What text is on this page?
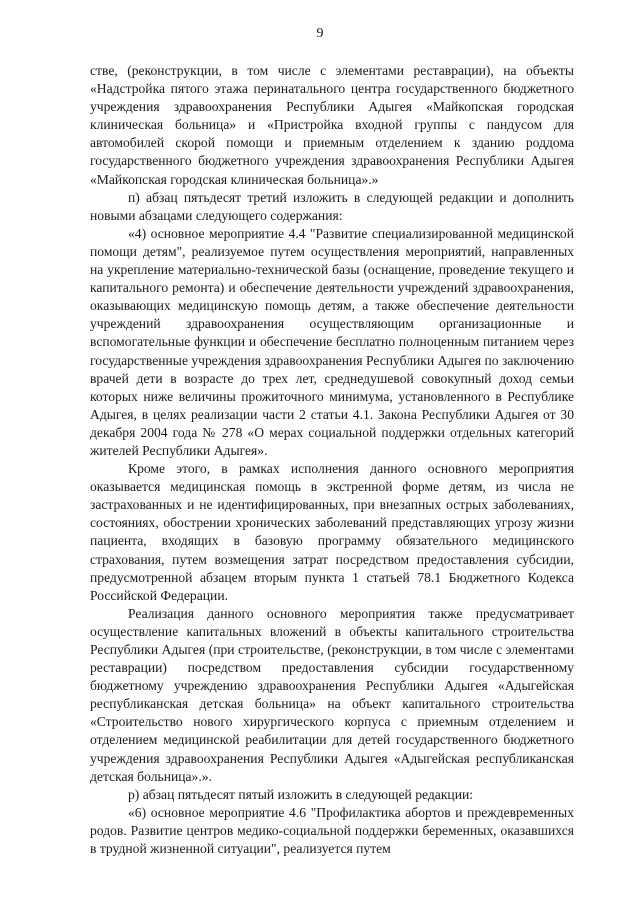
9

стве, (реконструкции, в том числе с элементами реставрации), на объекты «Надстройка пятого этажа перинатального центра государственного бюджетного учреждения здравоохранения Республики Адыгея «Майкопская городская клиническая больница» и «Пристройка входной группы с пандусом для автомобилей скорой помощи и приемным отделением к зданию роддома государственного бюджетного учреждения здравоохранения Республики Адыгея «Майкопская городская клиническая больница».»

п) абзац пятьдесят третий изложить в следующей редакции и дополнить новыми абзацами следующего содержания:

«4) основное мероприятие 4.4 "Развитие специализированной медицинской помощи детям", реализуемое путем осуществления мероприятий, направленных на укрепление материально-технической базы (оснащение, проведение текущего и капитального ремонта) и обеспечение деятельности учреждений здравоохранения, оказывающих медицинскую помощь детям, а также обеспечение деятельности учреждений здравоохранения осуществляющим организационные и вспомогательные функции и обеспечение бесплатно полноценным питанием через государственные учреждения здравоохранения Республики Адыгея по заключению врачей дети в возрасте до трех лет, среднедушевой совокупный доход семьи которых ниже величины прожиточного минимума, установленного в Республике Адыгея, в целях реализации части 2 статьи 4.1. Закона Республики Адыгея от 30 декабря 2004 года № 278 «О мерах социальной поддержки отдельных категорий жителей Республики Адыгея».

Кроме этого, в рамках исполнения данного основного мероприятия оказывается медицинская помощь в экстренной форме детям, из числа не застрахованных и не идентифицированных, при внезапных острых заболеваниях, состояниях, обострении хронических заболеваний представляющих угрозу жизни пациента, входящих в базовую программу обязательного медицинского страхования, путем возмещения затрат посредством предоставления субсидии, предусмотренной абзацем вторым пункта 1 статьей 78.1 Бюджетного Кодекса Российской Федерации.

Реализация данного основного мероприятия также предусматривает осуществление капитальных вложений в объекты капитального строительства Республики Адыгея (при строительстве, (реконструкции, в том числе с элементами реставрации) посредством предоставления субсидии государственному бюджетному учреждению здравоохранения Республики Адыгея «Адыгейская республиканская детская больница» на объект капитального строительства «Строительство нового хирургического корпуса с приемным отделением и отделением медицинской реабилитации для детей государственного бюджетного учреждения здравоохранения Республики Адыгея «Адыгейская республиканская детская больница».».

р) абзац пятьдесят пятый изложить в следующей редакции:

«6) основное мероприятие 4.6 "Профилактика абортов и преждевременных родов. Развитие центров медико-социальной поддержки беременных, оказавшихся в трудной жизненной ситуации", реализуется путем
